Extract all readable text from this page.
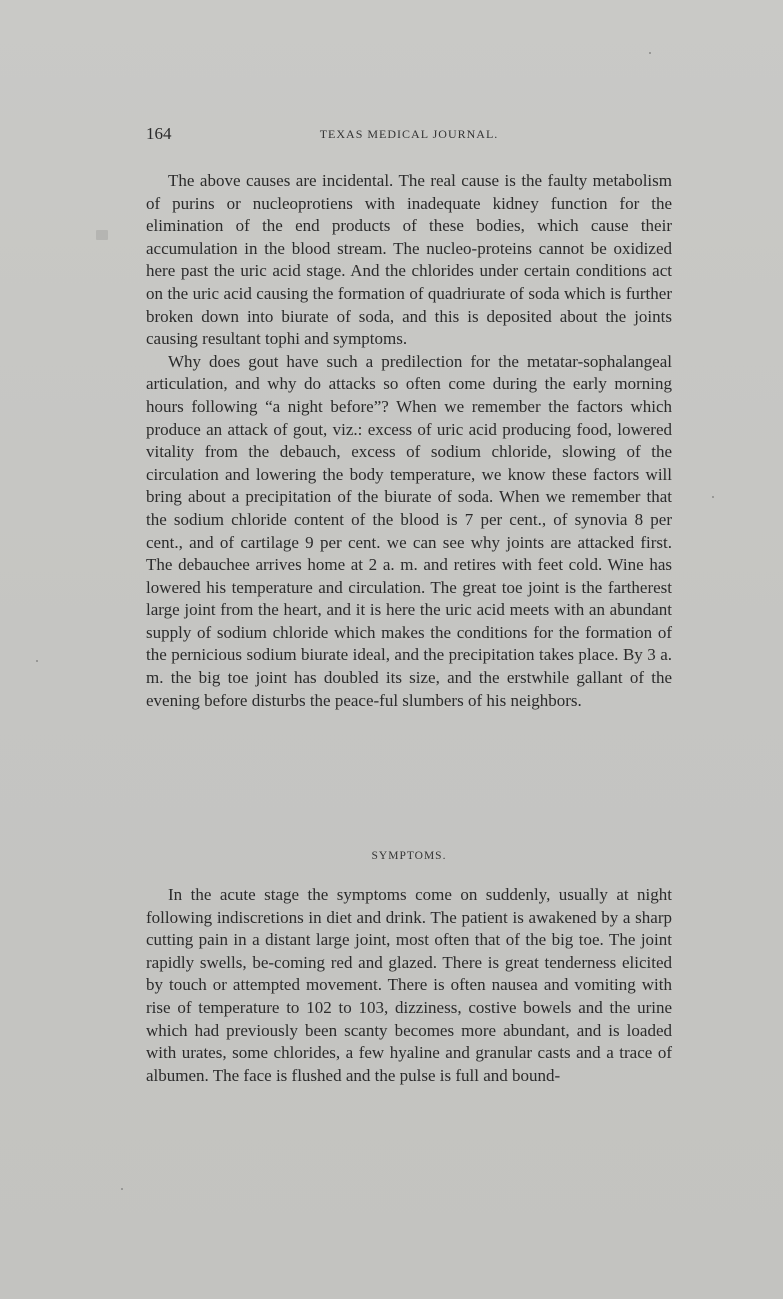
164	TEXAS MEDICAL JOURNAL.

The above causes are incidental. The real cause is the faulty metabolism of purins or nucleoprotiens with inadequate kidney function for the elimination of the end products of these bodies, which cause their accumulation in the blood stream. The nucleo-proteins cannot be oxidized here past the uric acid stage. And the chlorides under certain conditions act on the uric acid causing the formation of quadriurate of soda which is further broken down into biurate of soda, and this is deposited about the joints causing resultant tophi and symptoms.

Why does gout have such a predilection for the metatar-sophalangeal articulation, and why do attacks so often come during the early morning hours following “a night before”? When we remember the factors which produce an attack of gout, viz.: excess of uric acid producing food, lowered vitality from the debauch, excess of sodium chloride, slowing of the circulation and lowering the body temperature, we know these factors will bring about a precipitation of the biurate of soda. When we remember that the sodium chloride content of the blood is 7 per cent., of synovia 8 per cent., and of cartilage 9 per cent. we can see why joints are attacked first. The debauchee arrives home at 2 a. m. and retires with feet cold. Wine has lowered his temperature and circulation. The great toe joint is the fartherest large joint from the heart, and it is here the uric acid meets with an abundant supply of sodium chloride which makes the conditions for the formation of the pernicious sodium biurate ideal, and the precipitation takes place. By 3 a. m. the big toe joint has doubled its size, and the erstwhile gallant of the evening before disturbs the peace-ful slumbers of his neighbors.

SYMPTOMS.

In the acute stage the symptoms come on suddenly, usually at night following indiscretions in diet and drink. The patient is awakened by a sharp cutting pain in a distant large joint, most often that of the big toe. The joint rapidly swells, be-coming red and glazed. There is great tenderness elicited by touch or attempted movement. There is often nausea and vomiting with rise of temperature to 102 to 103, dizziness, costive bowels and the urine which had previously been scanty becomes more abundant, and is loaded with urates, some chlorides, a few hyaline and granular casts and a trace of albumen. The face is flushed and the pulse is full and bound-
